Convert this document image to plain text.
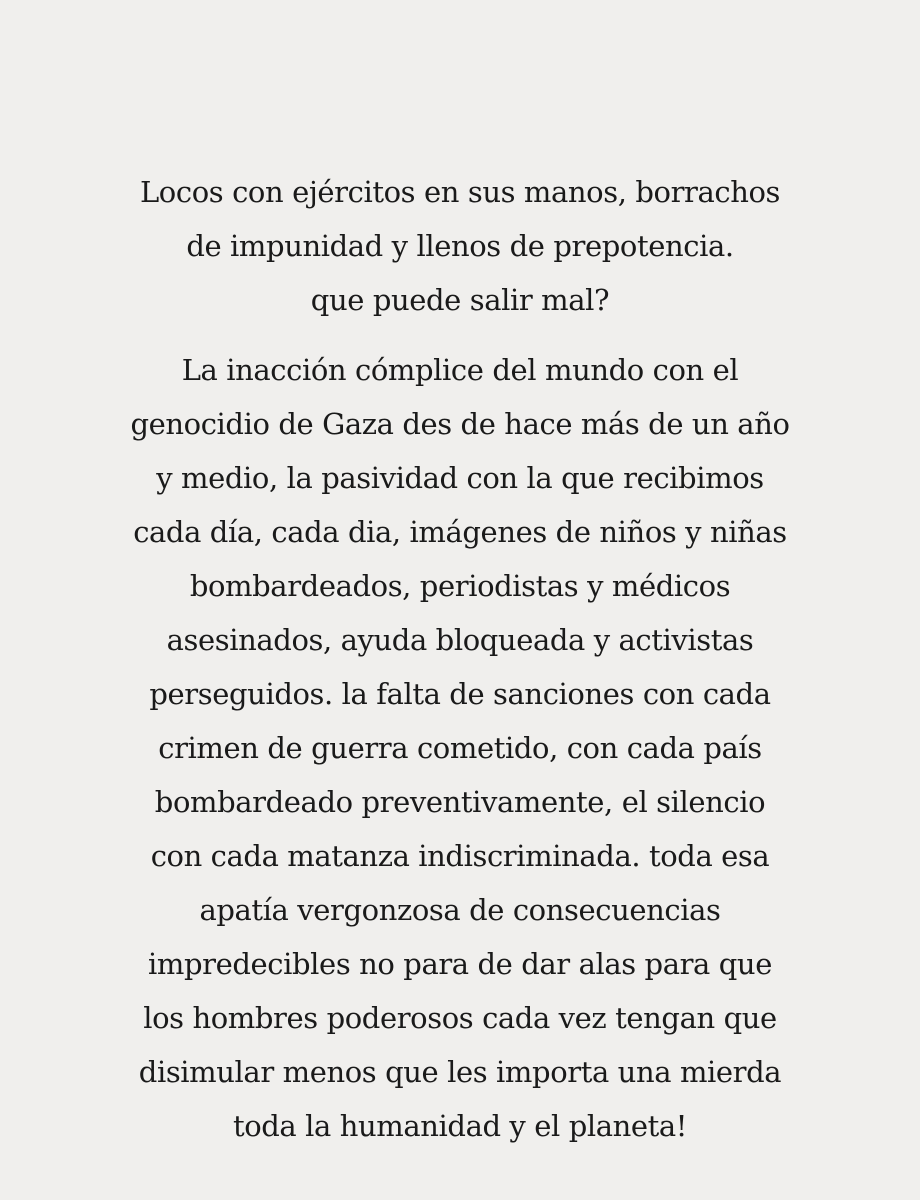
Locos con ejércitos en sus manos, borrachos
de impunidad y llenos de prepotencia.
que puede salir mal?
La inacción cómplice del mundo con el
genocidio de Gaza des de hace más de un año
y medio, la pasividad con la que recibimos
cada día, cada dia, imágenes de niños y niñas
bombardeados, periodistas y médicos
asesinados, ayuda bloqueada y activistas
perseguidos. la falta de sanciones con cada
crimen de guerra cometido, con cada país
bombardeado preventivamente, el silencio
con cada matanza indiscriminada. toda esa
apatía vergonzosa de consecuencias
impredecibles no para de dar alas para que
los hombres poderosos cada vez tengan que
disimular menos que les importa una mierda
toda la humanidad y el planeta!
